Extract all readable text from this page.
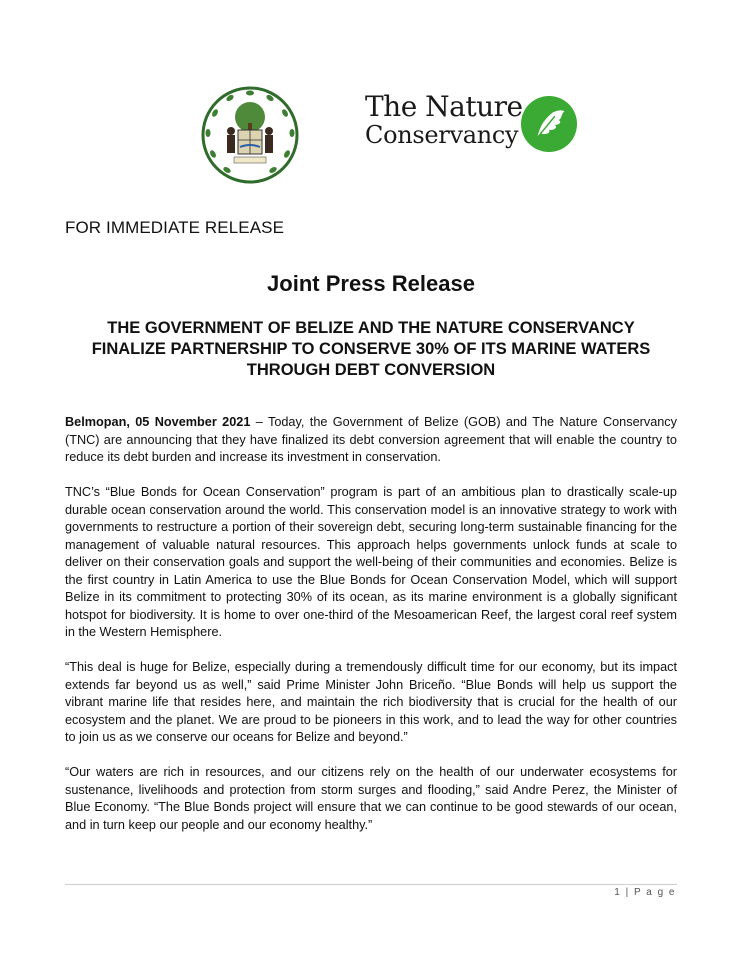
The Nature
Conservancy
FOR IMMEDIATE RELEASE
Joint Press Release
THE GOVERNMENT OF BELIZE AND THE NATURE CONSERVANCY FINALIZE PARTNERSHIP TO CONSERVE 30% OF ITS MARINE WATERS THROUGH DEBT CONVERSION

Belmopan, 05 November 2021 – Today, the Government of Belize (GOB) and The Nature Conservancy (TNC) are announcing that they have finalized its debt conversion agreement that will enable the country to reduce its debt burden and increase its investment in conservation.

TNC’s “Blue Bonds for Ocean Conservation” program is part of an ambitious plan to drastically scale-up durable ocean conservation around the world. This conservation model is an innovative strategy to work with governments to restructure a portion of their sovereign debt, securing long-term sustainable financing for the management of valuable natural resources. This approach helps governments unlock funds at scale to deliver on their conservation goals and support the well-being of their communities and economies. Belize is the first country in Latin America to use the Blue Bonds for Ocean Conservation Model, which will support Belize in its commitment to protecting 30% of its ocean, as its marine environment is a globally significant hotspot for biodiversity. It is home to over one-third of the Mesoamerican Reef, the largest coral reef system in the Western Hemisphere.

“This deal is huge for Belize, especially during a tremendously difficult time for our economy, but its impact extends far beyond us as well,” said Prime Minister John Briceño. “Blue Bonds will help us support the vibrant marine life that resides here, and maintain the rich biodiversity that is crucial for the health of our ecosystem and the planet. We are proud to be pioneers in this work, and to lead the way for other countries to join us as we conserve our oceans for Belize and beyond.”

“Our waters are rich in resources, and our citizens rely on the health of our underwater ecosystems for sustenance, livelihoods and protection from storm surges and flooding,” said Andre Perez, the Minister of Blue Economy. “The Blue Bonds project will ensure that we can continue to be good stewards of our ocean, and in turn keep our people and our economy healthy.”

1 | P a g e
